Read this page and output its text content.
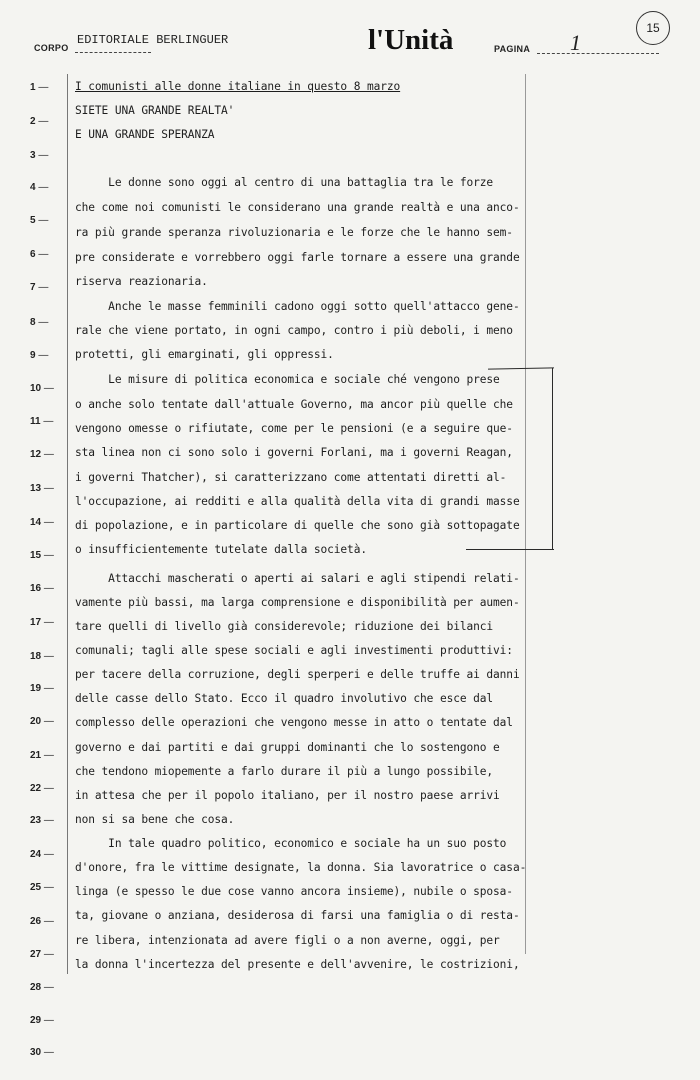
CORPO
EDITORIALE BERLINGUER	l'Unità	PAGINA 1
15
1 —
2 —
3 —
4 —
5 —
6 —
7 —
8 —
9 —
10 —
11 —
12 —
13 —
14 —
15 —
16 —
17 —
18 —
19 —
20 —
21 —
22 —
23 —
24 —
25 —
26 —
27 —
28 —
29 —
30 —
I comunisti alle donne italiane in questo 8 marzo
SIETE UNA GRANDE REALTA'
E UNA GRANDE SPERANZA
Le donne sono oggi al centro di una battaglia tra le forze
che come noi comunisti le considerano una grande realtà e una anco-
ra più grande speranza rivoluzionaria e le forze che le hanno sem-
pre considerate e vorrebbero oggi farle tornare a essere una grande
riserva reazionaria.
Anche le masse femminili cadono oggi sotto quell'attacco gene-
rale che viene portato, in ogni campo, contro i più deboli, i meno
protetti, gli emarginati, gli oppressi.
Le misure di politica economica e sociale ché vengono prese
o anche solo tentate dall'attuale Governo, ma ancor più quelle che
vengono omesse o rifiutate, come per le pensioni (e a seguire que-
sta linea non ci sono solo i governi Forlani, ma i governi Reagan,
i governi Thatcher), si caratterizzano come attentati diretti al-
l'occupazione, ai redditi e alla qualità della vita di grandi masse
di popolazione, e in particolare di quelle che sono già sottopagate
o insufficientemente tutelate dalla società.
Attacchi mascherati o aperti ai salari e agli stipendi relati-
vamente più bassi, ma larga comprensione e disponibilità per aumen-
tare quelli di livello già considerevole; riduzione dei bilanci
comunali; tagli alle spese sociali e agli investimenti produttivi:
per tacere della corruzione, degli sperperi e delle truffe ai danni
delle casse dello Stato. Ecco il quadro involutivo che esce dal
complesso delle operazioni che vengono messe in atto o tentate dal
governo e dai partiti e dai gruppi dominanti che lo sostengono e
che tendono miopemente a farlo durare il più a lungo possibile,
in attesa che per il popolo italiano, per il nostro paese arrivi
non si sa bene che cosa.
In tale quadro politico, economico e sociale ha un suo posto
d'onore, fra le vittime designate, la donna. Sia lavoratrice o casa-
linga (e spesso le due cose vanno ancora insieme), nubile o sposa-
ta, giovane o anziana, desiderosa di farsi una famiglia o di resta-
re libera, intenzionata ad avere figli o a non averne, oggi, per
la donna l'incertezza del presente e dell'avvenire, le costrizioni,
